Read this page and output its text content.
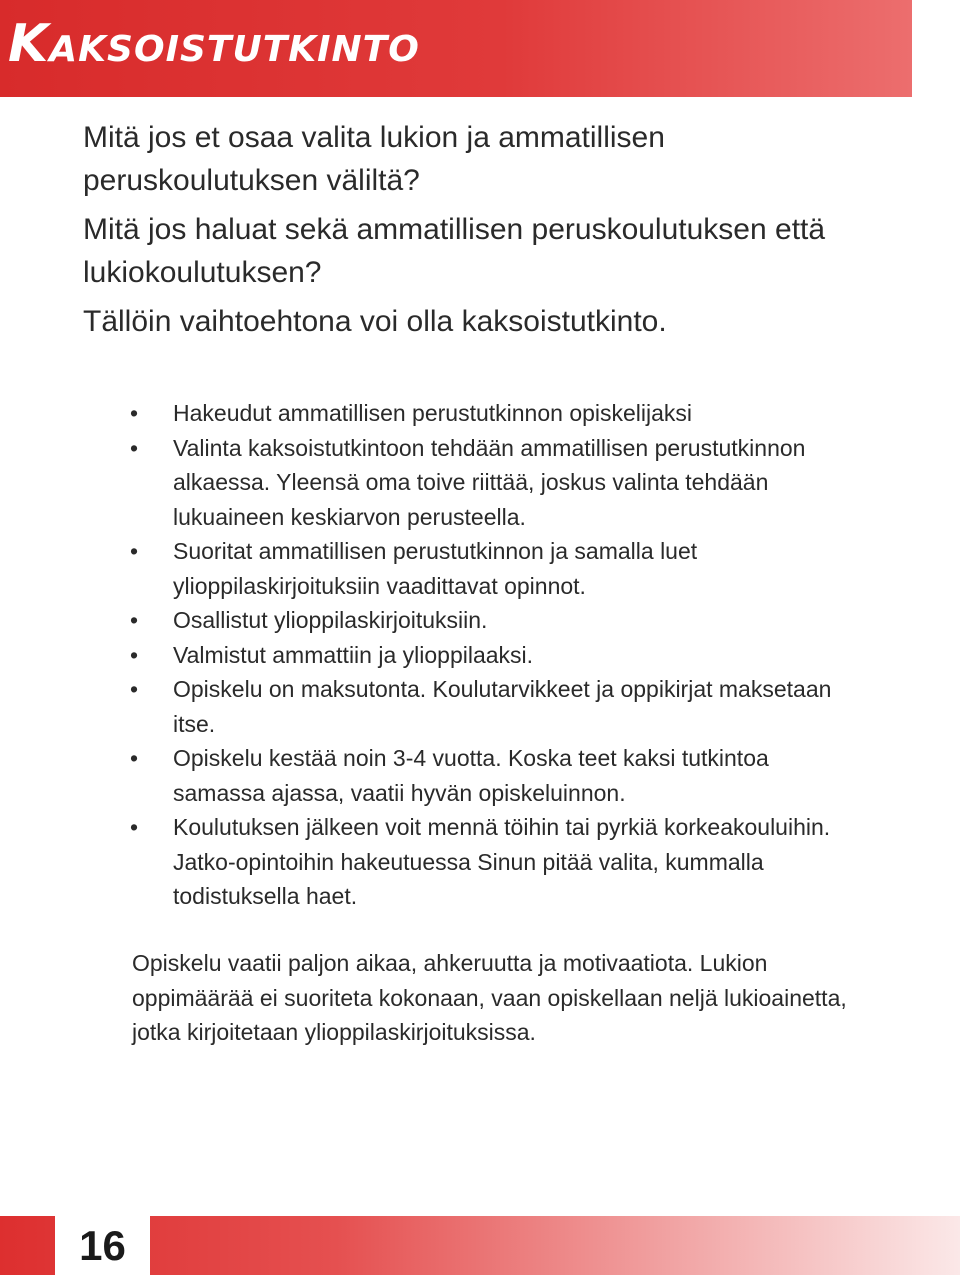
Kaksoistutkinto

Mitä jos et osaa valita lukion ja ammatillisen peruskoulutuksen väliltä?

Mitä jos haluat sekä ammatillisen peruskoulutuksen että lukiokoulutuksen?

Tällöin vaihtoehtona voi olla kaksoistutkinto.

• Hakeudut ammatillisen perustutkinnon opiskelijaksi
• Valinta kaksoistutkintoon tehdään ammatillisen perustutkinnon alkaessa. Yleensä oma toive riittää, joskus valinta tehdään lukuaineen keskiarvon perusteella.
• Suoritat ammatillisen perustutkinnon ja samalla luet ylioppilaskirjoituksiin vaadittavat opinnot.
• Osallistut ylioppilaskirjoituksiin.
• Valmistut ammattiin ja ylioppilaaksi.
• Opiskelu on maksutonta. Koulutarvikkeet ja oppikirjat maksetaan itse.
• Opiskelu kestää noin 3-4 vuotta. Koska teet kaksi tutkintoa samassa ajassa, vaatii hyvän opiskeluinnon.
• Koulutuksen jälkeen voit mennä töihin tai pyrkiä korkeakouluihin. Jatko-opintoihin hakeutuessa Sinun pitää valita, kummalla todistuksella haet.

Opiskelu vaatii paljon aikaa, ahkeruutta ja motivaatiota. Lukion oppimäärää ei suoriteta kokonaan, vaan opiskellaan neljä lukioainetta, jotka kirjoitetaan ylioppilaskirjoituksissa.

16
